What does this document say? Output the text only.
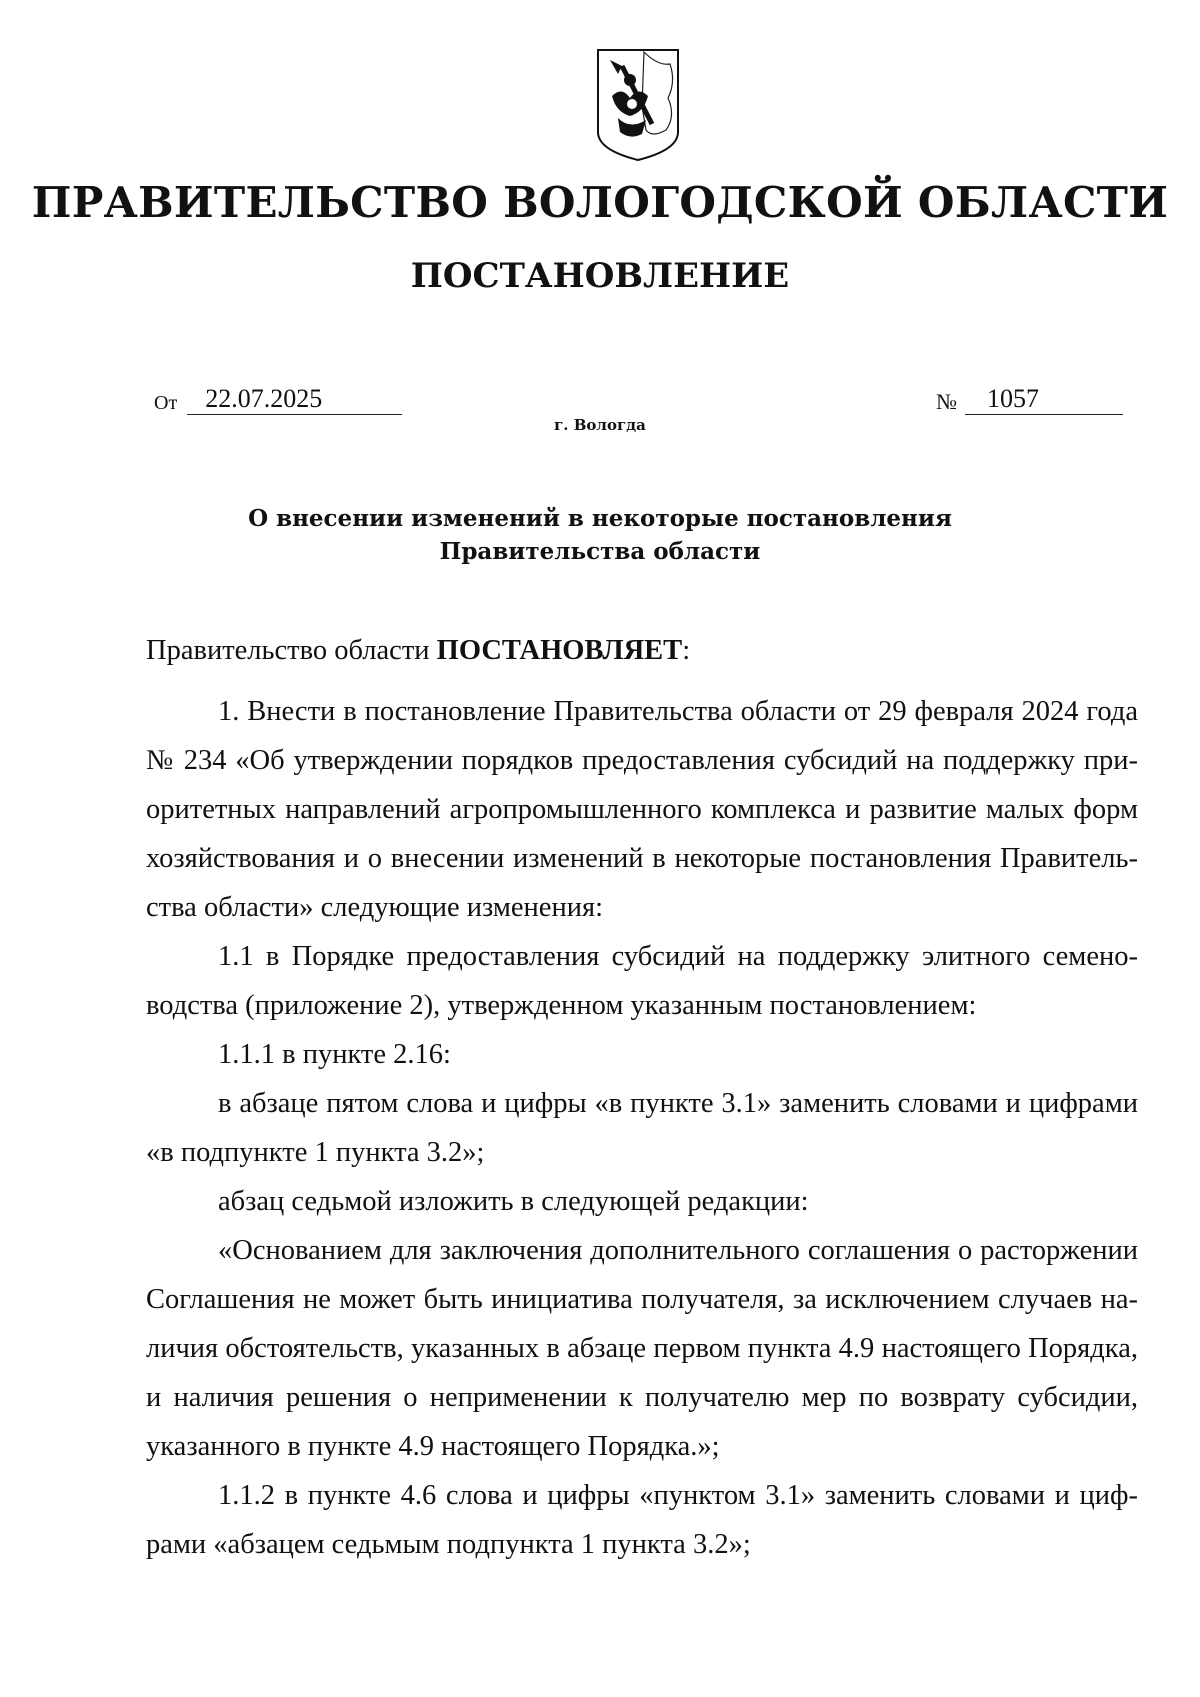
ПРАВИТЕЛЬСТВО ВОЛОГОДСКОЙ ОБЛАСТИ
ПОСТАНОВЛЕНИЕ
От 22.07.2025	№ 1057
г. Вологда
О внесении изменений в некоторые постановления
Правительства области

Правительство области ПОСТАНОВЛЯЕТ:

1. Внести в постановление Правительства области от 29 февраля 2024 года № 234 «Об утверждении порядков предоставления субсидий на поддержку приоритетных направлений агропромышленного комплекса и развитие малых форм хозяйствования и о внесении изменений в некоторые постановления Правительства области» следующие изменения:

1.1 в Порядке предоставления субсидий на поддержку элитного семеноводства (приложение 2), утвержденном указанным постановлением:

1.1.1 в пункте 2.16:

в абзаце пятом слова и цифры «в пункте 3.1» заменить словами и цифрами «в подпункте 1 пункта 3.2»;

абзац седьмой изложить в следующей редакции:

«Основанием для заключения дополнительного соглашения о расторжении Соглашения не может быть инициатива получателя, за исключением случаев наличия обстоятельств, указанных в абзаце первом пункта 4.9 настоящего Порядка, и наличия решения о неприменении к получателю мер по возврату субсидии, указанного в пункте 4.9 настоящего Порядка.»;

1.1.2 в пункте 4.6 слова и цифры «пунктом 3.1» заменить словами и цифрами «абзацем седьмым подпункта 1 пункта 3.2»;
